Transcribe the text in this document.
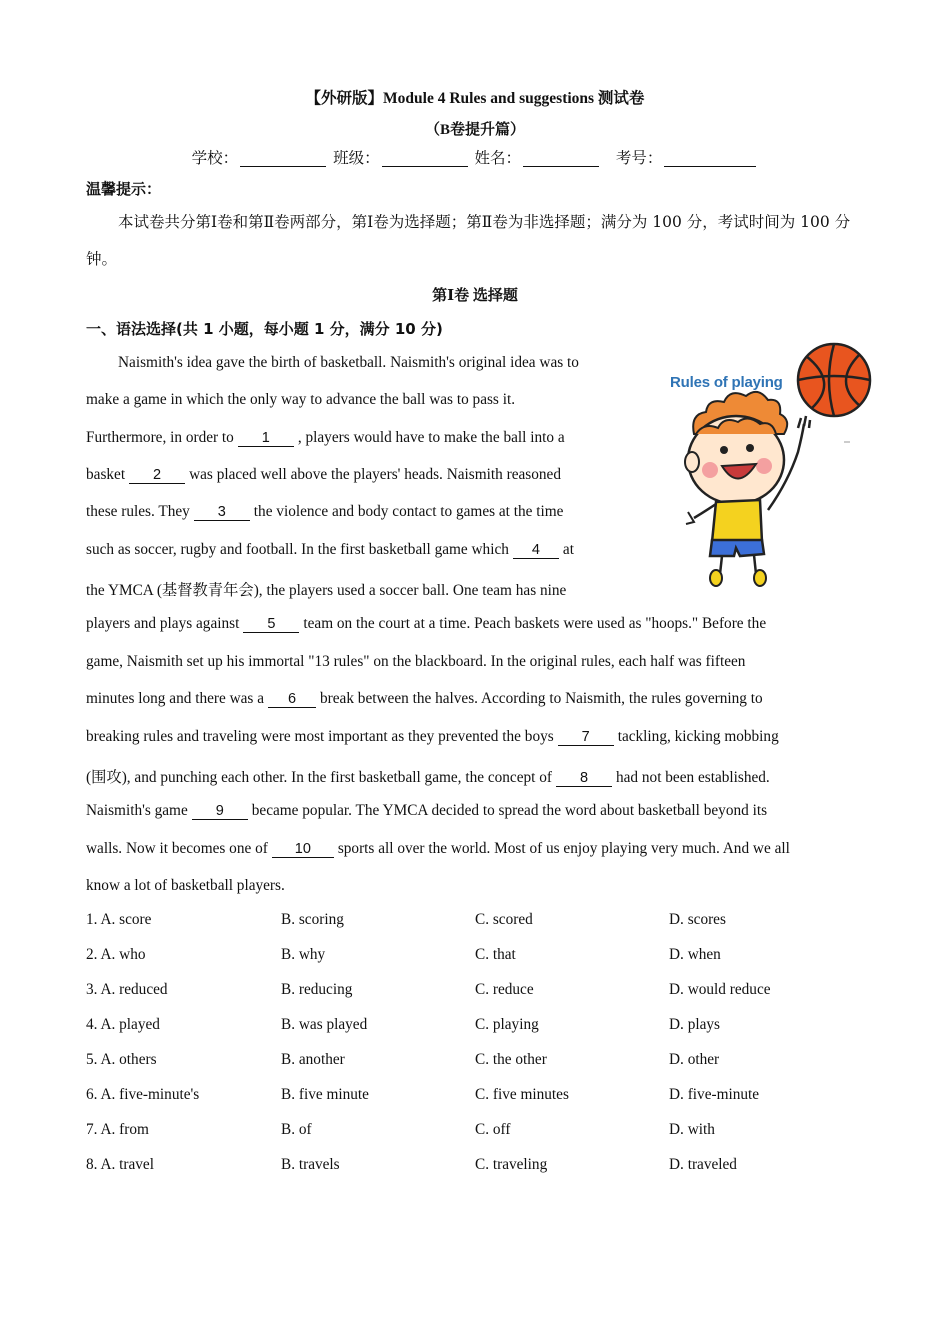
【外研版】Module 4 Rules and suggestions 测试卷
（B卷提升篇）
学校：	班级：	姓名：	考号：
温馨提示：
本试卷共分第Ⅰ卷和第Ⅱ卷两部分，第Ⅰ卷为选择题；第Ⅱ卷为非选择题；满分为 100 分，考试时间为 100 分钟。
第Ⅰ卷 选择题
一、语法选择(共 1 小题，每小题 1 分，满分 10 分)
Rules of playing
Naismith's idea gave the birth of basketball. Naismith's original idea was to
make a game in which the only way to advance the ball was to pass it.
Furthermore, in order to 1 , players would have to make the ball into a
basket 2 was placed well above the players' heads. Naismith reasoned
these rules. They 3 the violence and body contact to games at the time
such as soccer, rugby and football. In the first basketball game which 4 at
the YMCA (基督教青年会), the players used a soccer ball. One team has nine
players and plays against 5 team on the court at a time. Peach baskets were used as "hoops." Before the
game, Naismith set up his immortal "13 rules" on the blackboard. In the original rules, each half was fifteen
minutes long and there was a 6 break between the halves. According to Naismith, the rules governing to
breaking rules and traveling were most important as they prevented the boys 7 tackling, kicking mobbing
(围攻), and punching each other. In the first basketball game, the concept of 8 had not been established.
Naismith's game 9 became popular. The YMCA decided to spread the word about basketball beyond its
walls. Now it becomes one of 10 sports all over the world. Most of us enjoy playing very much. And we all
know a lot of basketball players.
1. A. score	B. scoring	C. scored	D. scores
2. A. who	B. why	C. that	D. when
3. A. reduced	B. reducing	C. reduce	D. would reduce
4. A. played	B. was played	C. playing	D. plays
5. A. others	B. another	C. the other	D. other
6. A. five-minute's	B. five minute	C. five minutes	D. five-minute
7. A. from	B. of	C. off	D. with
8. A. travel	B. travels	C. traveling	D. traveled
